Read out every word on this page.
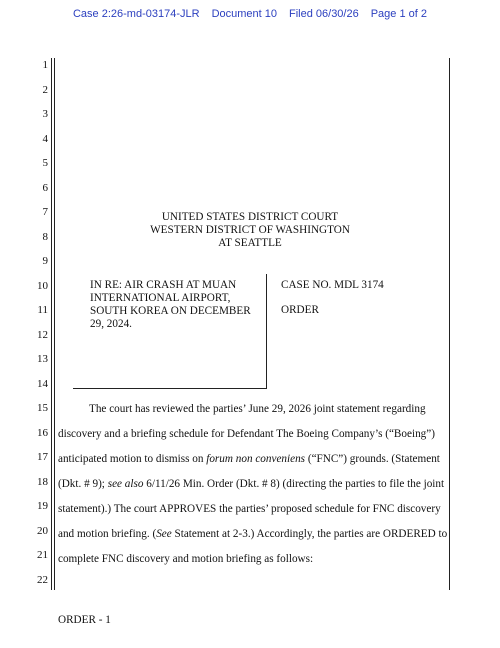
Case 2:26-md-03174-JLR Document 10 Filed 06/30/26 Page 1 of 2
1
2
3
4
5
6
7
8
9
10
11
12
13
14
15
16
17
18
19
20
21
22
UNITED STATES DISTRICT COURT
WESTERN DISTRICT OF WASHINGTON
AT SEATTLE
IN RE: AIR CRASH AT MUAN
INTERNATIONAL AIRPORT,
SOUTH KOREA ON DECEMBER
29, 2024.
CASE NO. MDL 3174
ORDER
The court has reviewed the parties’ June 29, 2026 joint statement regarding
discovery and a briefing schedule for Defendant The Boeing Company’s (“Boeing”)
anticipated motion to dismiss on forum non conveniens (“FNC”) grounds. (Statement
(Dkt. # 9); see also 6/11/26 Min. Order (Dkt. # 8) (directing the parties to file the joint
statement).) The court APPROVES the parties’ proposed schedule for FNC discovery
and motion briefing. (See Statement at 2-3.) Accordingly, the parties are ORDERED to
complete FNC discovery and motion briefing as follows:
ORDER - 1
